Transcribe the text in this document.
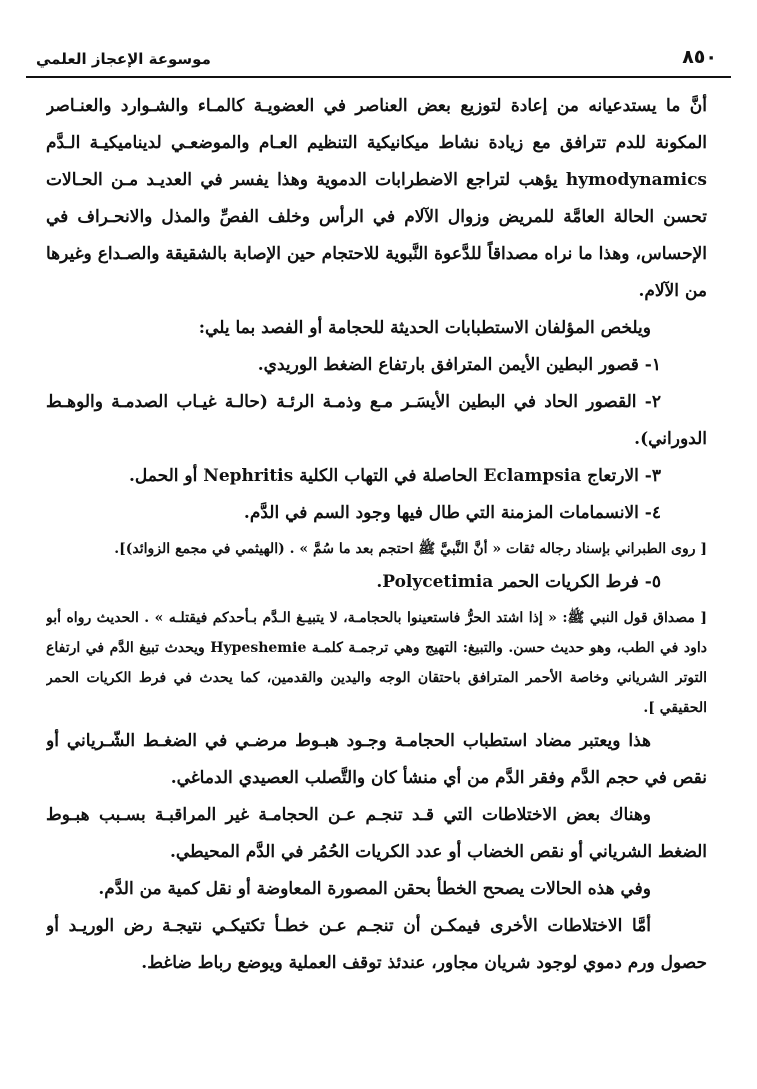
موسوعة الإعجاز العلمي	٨٥٠

أنَّ ما يستدعيانه من إعادة لتوزيع بعض العناصر في العضويـة كالمـاء والشـوارد والعنـاصر المكونة للدم تترافق مع زيادة نشاط ميكانيكية التنظيم العـام والموضعـي لديناميكيـة الـدَّم hymodynamics يؤهب لتراجع الاضطرابات الدموية وهذا يفسر في العديـد مـن الحـالات تحسن الحالة العامَّة للمريض وزوال الآلام في الرأس وخلف الفصِّ والمذل والانحـراف في الإحساس، وهذا ما نراه مصداقاً للدَّعوة النَّبوية للاحتجام حين الإصابة بالشقيقة والصـداع وغيرها من الآلام.

ويلخص المؤلفان الاستطبابات الحديثة للحجامة أو الفصد بما يلي:

١- قصور البطين الأيمن المترافق بارتفاع الضغط الوريدي.

٢- القصور الحاد في البطين الأيسَـر مـع وذمـة الرئـة (حالـة غيـاب الصدمـة والوهـط الدوراني).

٣- الارتعاج Eclampsia الحاصلة في التهاب الكلية Nephritis أو الحمل.

٤- الانسمامات المزمنة التي طال فيها وجود السم في الدَّم.

[ روى الطبراني بإسناد رجاله ثقات « أنَّ النَّبيَّ ﷺ احتجم بعد ما سُمَّ » . (الهيثمي في مجمع الزوائد)].

٥- فرط الكريات الحمر Polycetimia.

[ مصداق قول النبي ﷺ: « إذا اشتد الحرُّ فاستعينوا بالحجامـة، لا يتبيـغ الـدَّم بـأحدكم فيقتلـه » . الحديث رواه أبو داود في الطب، وهو حديث حسن. والتبيغ: التهيج وهي ترجمـة كلمـة Hypeshemie ويحدث تبيغ الدَّم في ارتفاع التوتر الشرياني وخاصة الأحمر المترافق باحتقان الوجه واليدين والقدمين، كما يحدث في فرط الكريات الحمر الحقيقي ].

هذا ويعتبر مضاد استطباب الحجامـة وجـود هبـوط مرضـي في الضغـط الشّـرياني أو نقص في حجم الدَّم وفقر الدَّم من أي منشأ كان والتَّصلب العصيدي الدماغي.

وهناك بعض الاختلاطات التي قـد تنجـم عـن الحجامـة غير المراقبـة بسـبب هبـوط الضغط الشرياني أو نقص الخضاب أو عدد الكريات الحُمُر في الدَّم المحيطي.

وفي هذه الحالات يصحح الخطأ بحقن المصورة المعاوضة أو نقل كمية من الدَّم.

أمَّا الاختلاطات الأخرى فيمكـن أن تنجـم عـن خطـأ تكتيكـي نتيجـة رض الوريـد أو حصول ورم دموي لوجود شريان مجاور، عندئذ توقف العملية ويوضع رباط ضاغط.
